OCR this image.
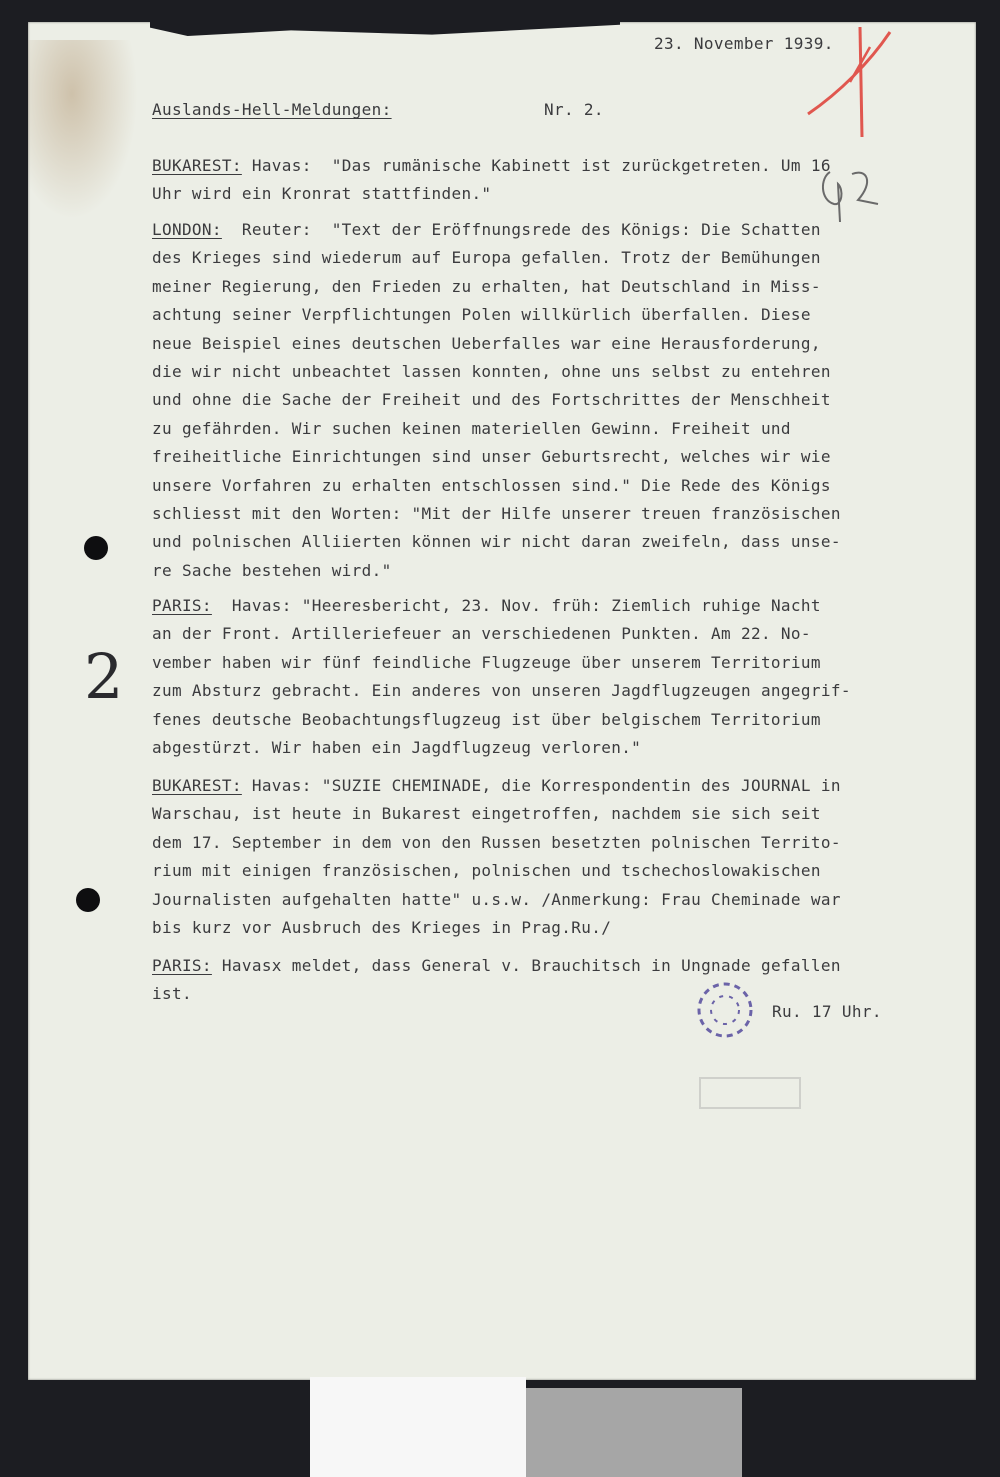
2
23. November 1939.
Auslands-Hell-Meldungen:	Nr. 2.
BUKAREST: Havas:  "Das rumänische Kabinett ist zurückgetreten. Um 16
Uhr wird ein Kronrat stattfinden."
LONDON: Reuter:  "Text der Eröffnungsrede des Königs: Die Schatten
des Krieges sind wiederum auf Europa gefallen. Trotz der Bemühungen
meiner Regierung, den Frieden zu erhalten, hat Deutschland in Miss-
achtung seiner Verpflichtungen Polen willkürlich überfallen. Diese
neue Beispiel eines deutschen Ueberfalles war eine Herausforderung,
die wir nicht unbeachtet lassen konnten, ohne uns selbst zu entehren
und ohne die Sache der Freiheit und des Fortschrittes der Menschheit
zu gefährden. Wir suchen keinen materiellen Gewinn. Freiheit und
freiheitliche Einrichtungen sind unser Geburtsrecht, welches wir wie
unsere Vorfahren zu erhalten entschlossen sind." Die Rede des Königs
schliesst mit den Worten: "Mit der Hilfe unserer treuen französischen
und polnischen Alliierten können wir nicht daran zweifeln, dass unse-
re Sache bestehen wird."
PARIS: Havas: "Heeresbericht, 23. Nov. früh: Ziemlich ruhige Nacht
an der Front. Artilleriefeuer an verschiedenen Punkten. Am 22. No-
vember haben wir fünf feindliche Flugzeuge über unserem Territorium
zum Absturz gebracht. Ein anderes von unseren Jagdflugzeugen angegrif-
fenes deutsche Beobachtungsflugzeug ist über belgischem Territorium
abgestürzt. Wir haben ein Jagdflugzeug verloren."
BUKAREST: Havas: "SUZIE CHEMINADE, die Korrespondentin des JOURNAL in
Warschau, ist heute in Bukarest eingetroffen, nachdem sie sich seit
dem 17. September in dem von den Russen besetzten polnischen Territo-
rium mit einigen französischen, polnischen und tschechoslowakischen
Journalisten aufgehalten hatte" u.s.w. /Anmerkung: Frau Cheminade war
bis kurz vor Ausbruch des Krieges in Prag.Ru./
PARIS: Havasx meldet, dass General v. Brauchitsch in Ungnade gefallen
ist.
Ru. 17 Uhr.
